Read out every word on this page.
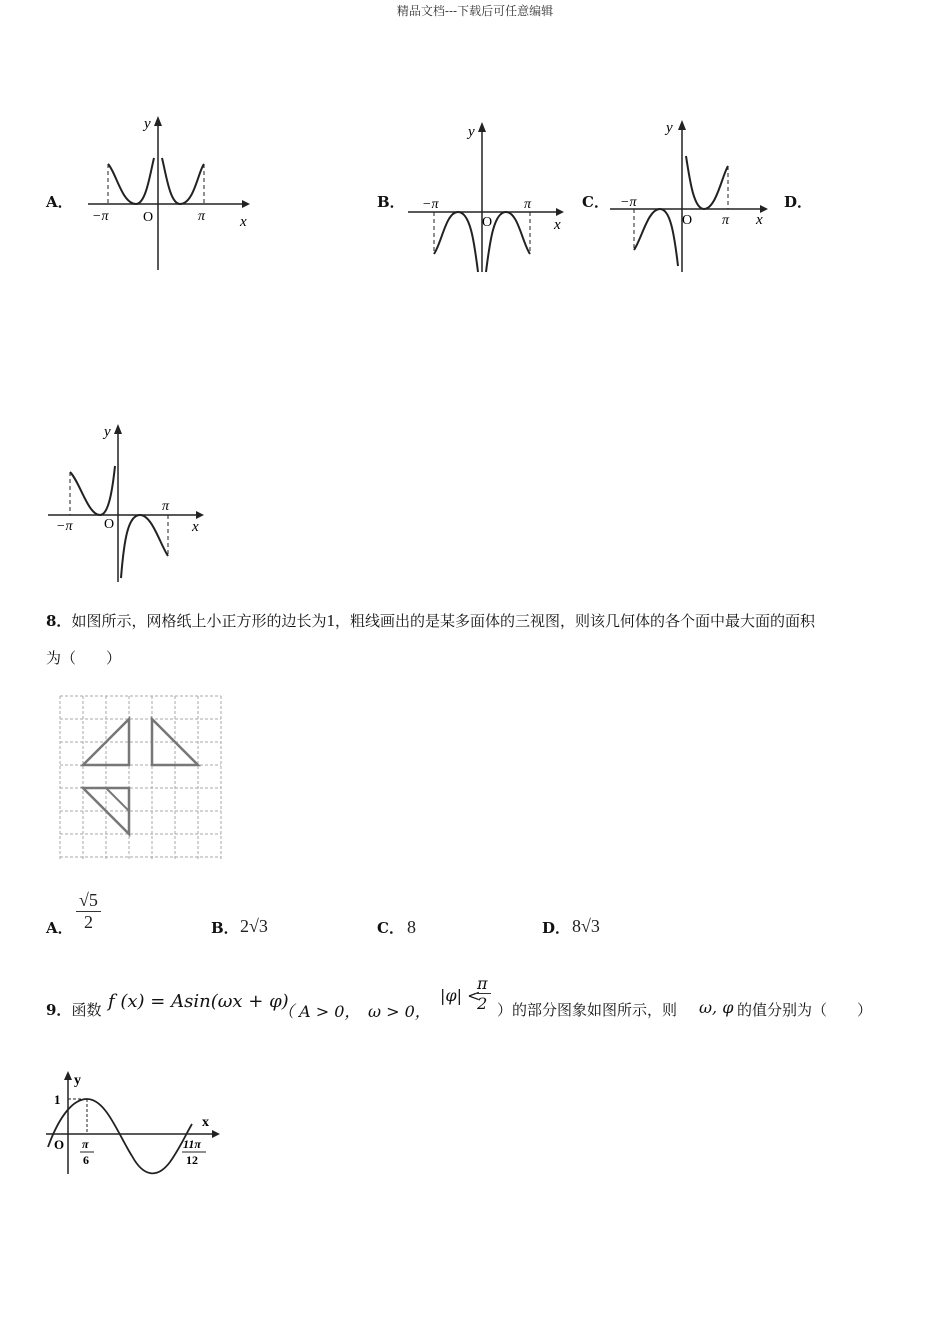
精品文档---下载后可任意编辑
A．
y
x
O
−π	π
B．
y
x
O
−π	π	C．
y
x
O
−π
π
D．
y
x
O
−π
π
8．如图所示，网格纸上小正方形的边长为1，粗线画出的是某多面体的三视图，则该几何体的各个面中最大面的面积
为（　　）
A． $\frac{√5}{2}$	B． 2√3	C． 8	D． 8√3
9．函数 f (x) = Asin(ωx + φ)
（ A > 0， ω > 0，
|φ| <
$\frac{\pi}{2}$ ）的部分图象如图所示，则 ω, φ 的值分别为（　　）
y
x
1
O π
6
11π
12
